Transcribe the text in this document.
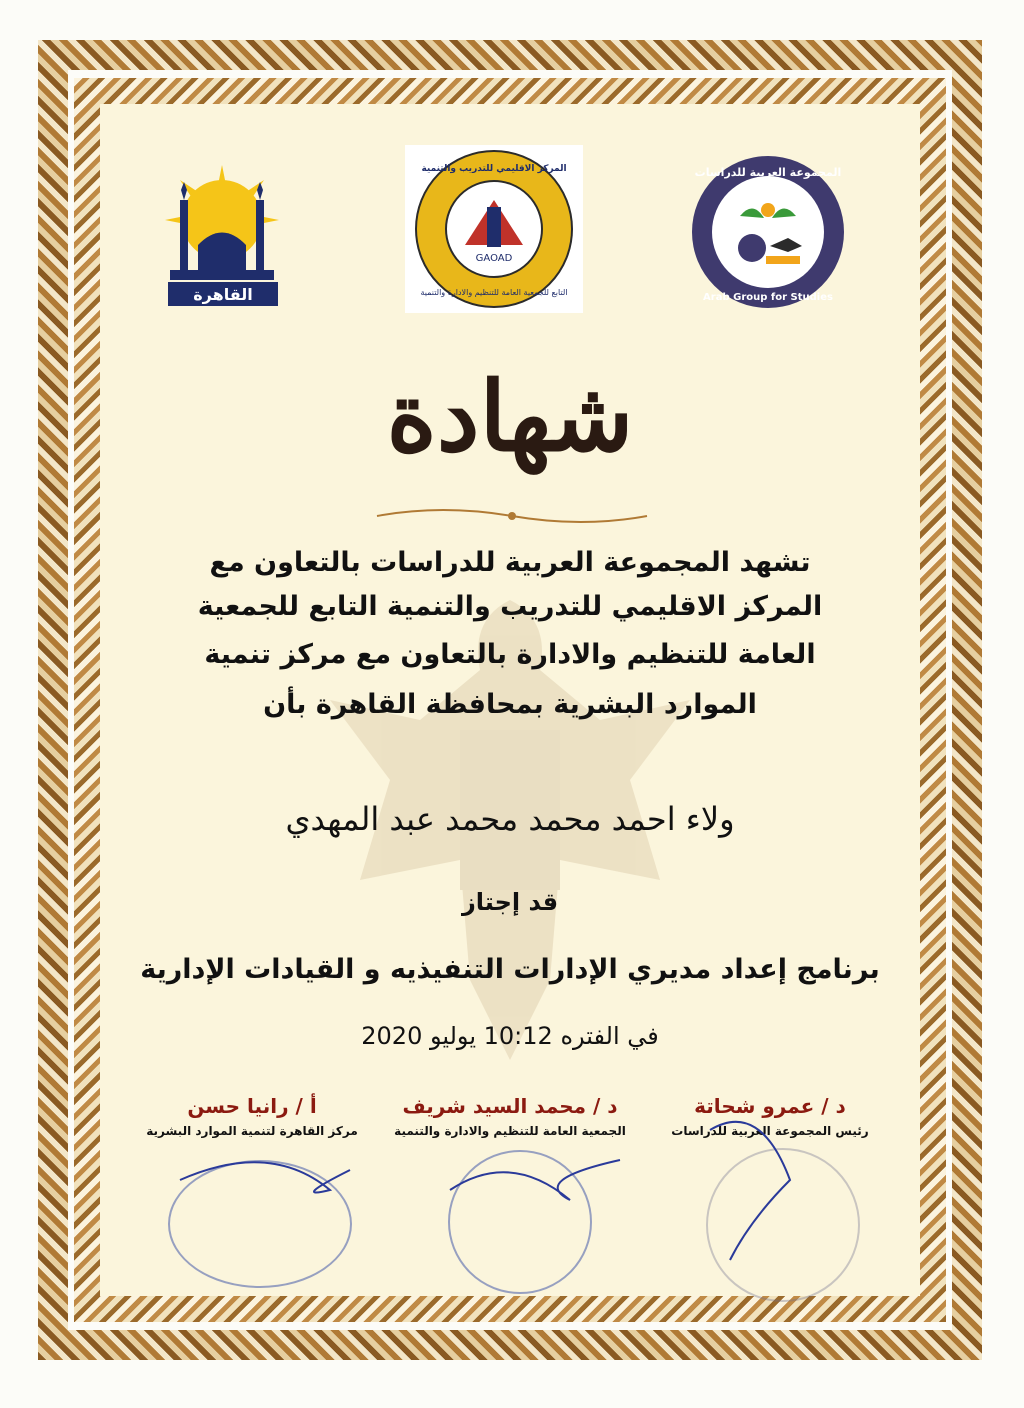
القاهرة
GAOAD
المركز الاقليمي للتدريب والتنمية
التابع للجمعية العامة للتنظيم والادارة والتنمية
المجموعة العربية للدراسات
Arab Group for Studies
شهادة
تشهد المجموعة العربية للدراسات بالتعاون مع
المركز الاقليمي للتدريب والتنمية التابع للجمعية
العامة للتنظيم والادارة بالتعاون مع مركز تنمية
الموارد البشرية بمحافظة القاهرة بأن
ولاء احمد محمد محمد عبد المهدي
قد إجتاز
برنامج إعداد مديري الإدارات التنفيذيه و القيادات الإدارية
في الفتره 10:12 يوليو 2020
د / عمرو شحاتة
رئيس المجموعة العربية للدراسات
د / محمد السيد شريف
الجمعية العامة للتنظيم والادارة والتنمية
أ / رانيا حسن
مركز القاهرة لتنمية الموارد البشرية
